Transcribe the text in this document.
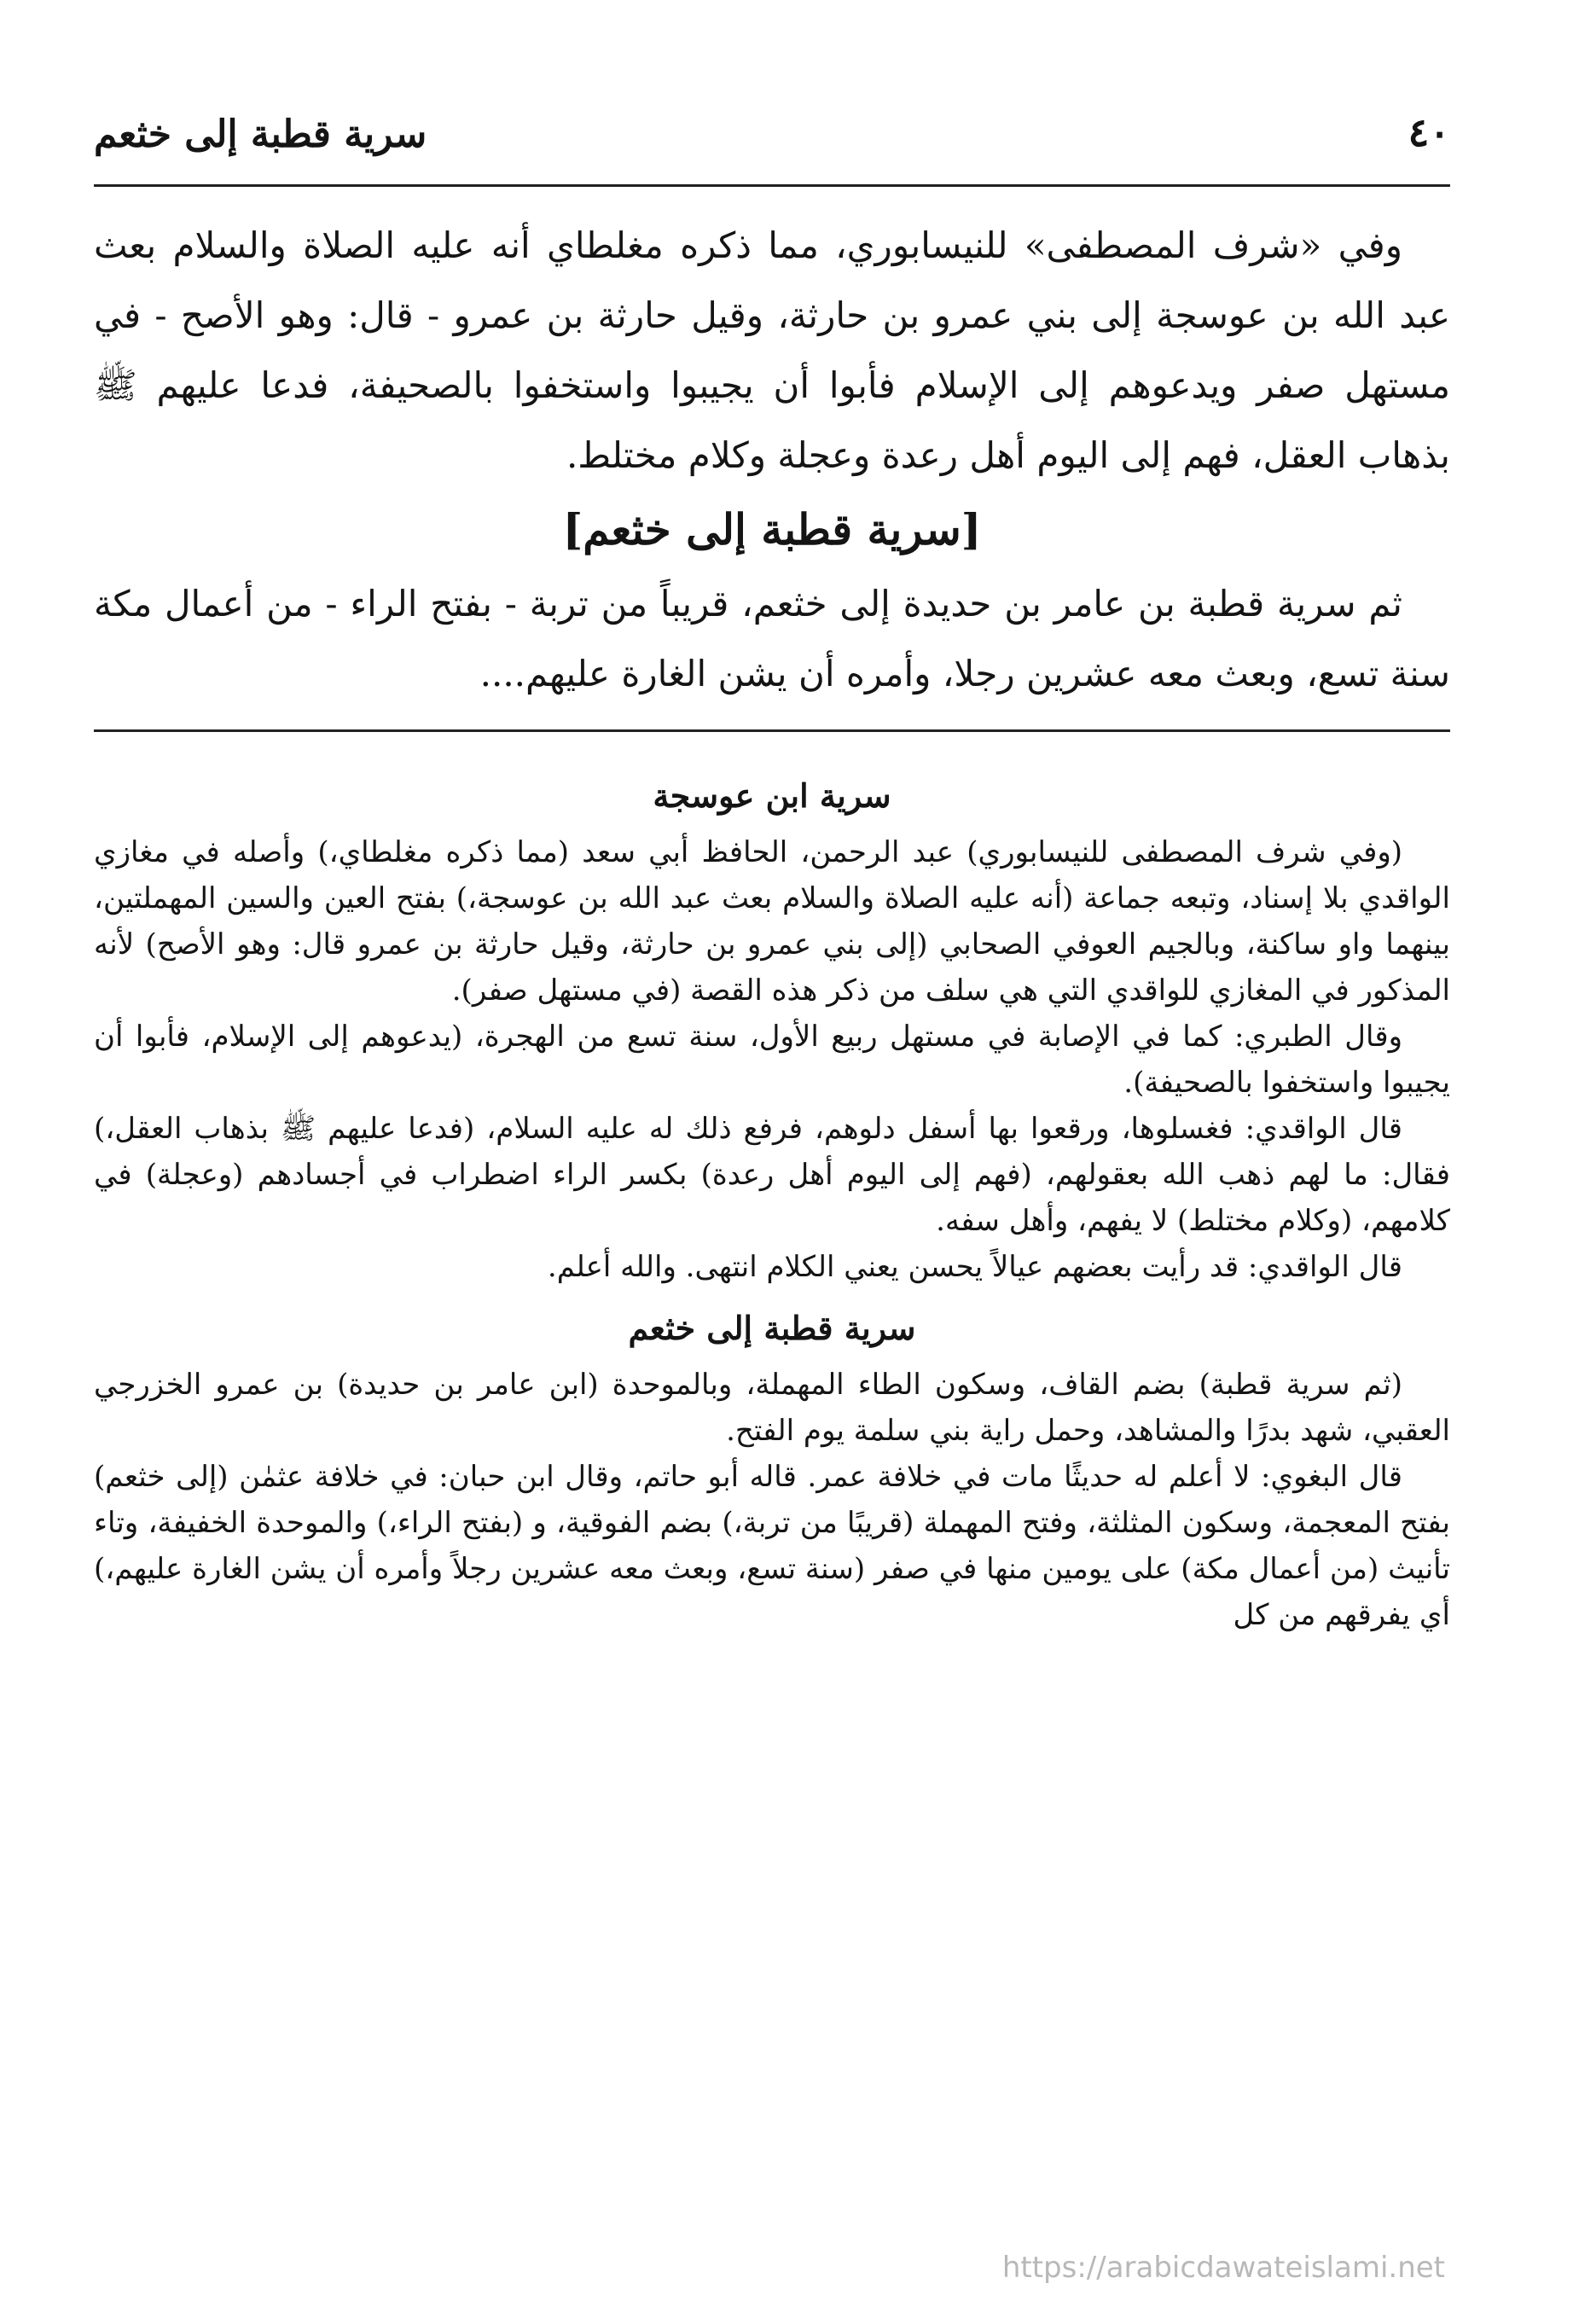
٤٠
سرية قطبة إلى خثعم

وفي «شرف المصطفى» للنيسابوري، مما ذكره مغلطاي أنه عليه الصلاة والسلام بعث عبد الله بن عوسجة إلى بني عمرو بن حارثة، وقيل حارثة بن عمرو - قال: وهو الأصح - في مستهل صفر ويدعوهم إلى الإسلام فأبوا أن يجيبوا واستخفوا بالصحيفة، فدعا عليهم ﷺ بذهاب العقل، فهم إلى اليوم أهل رعدة وعجلة وكلام مختلط.

[سرية قطبة إلى خثعم]

ثم سرية قطبة بن عامر بن حديدة إلى خثعم، قريباً من تربة - بفتح الراء - من أعمال مكة سنة تسع، وبعث معه عشرين رجلا، وأمره أن يشن الغارة عليهم....

سرية ابن عوسجة

(وفي شرف المصطفى للنيسابوري) عبد الرحمن، الحافظ أبي سعد (مما ذكره مغلطاي،) وأصله في مغازي الواقدي بلا إسناد، وتبعه جماعة (أنه عليه الصلاة والسلام بعث عبد الله بن عوسجة،) بفتح العين والسين المهملتين، بينهما واو ساكنة، وبالجيم العوفي الصحابي (إلى بني عمرو بن حارثة، وقيل حارثة بن عمرو قال: وهو الأصح) لأنه المذكور في المغازي للواقدي التي هي سلف من ذكر هذه القصة (في مستهل صفر).

وقال الطبري: كما في الإصابة في مستهل ربيع الأول، سنة تسع من الهجرة، (يدعوهم إلى الإسلام، فأبوا أن يجيبوا واستخفوا بالصحيفة).

قال الواقدي: فغسلوها، ورقعوا بها أسفل دلوهم، فرفع ذلك له عليه السلام، (فدعا عليهم ﷺ بذهاب العقل،) فقال: ما لهم ذهب الله بعقولهم، (فهم إلى اليوم أهل رعدة) بكسر الراء اضطراب في أجسادهم (وعجلة) في كلامهم، (وكلام مختلط) لا يفهم، وأهل سفه.

قال الواقدي: قد رأيت بعضهم عيالاً يحسن يعني الكلام انتهى. والله أعلم.

سرية قطبة إلى خثعم

(ثم سرية قطبة) بضم القاف، وسكون الطاء المهملة، وبالموحدة (ابن عامر بن حديدة) بن عمرو الخزرجي العقبي، شهد بدرًا والمشاهد، وحمل راية بني سلمة يوم الفتح.

قال البغوي: لا أعلم له حديثًا مات في خلافة عمر. قاله أبو حاتم، وقال ابن حبان: في خلافة عثمٰن (إلى خثعم) بفتح المعجمة، وسكون المثلثة، وفتح المهملة (قريبًا من تربة،) بضم الفوقية، و (بفتح الراء،) والموحدة الخفيفة، وتاء تأنيث (من أعمال مكة) على يومين منها في صفر (سنة تسع، وبعث معه عشرين رجلاً وأمره أن يشن الغارة عليهم،) أي يفرقهم من كل

https://arabicdawateislami.net
